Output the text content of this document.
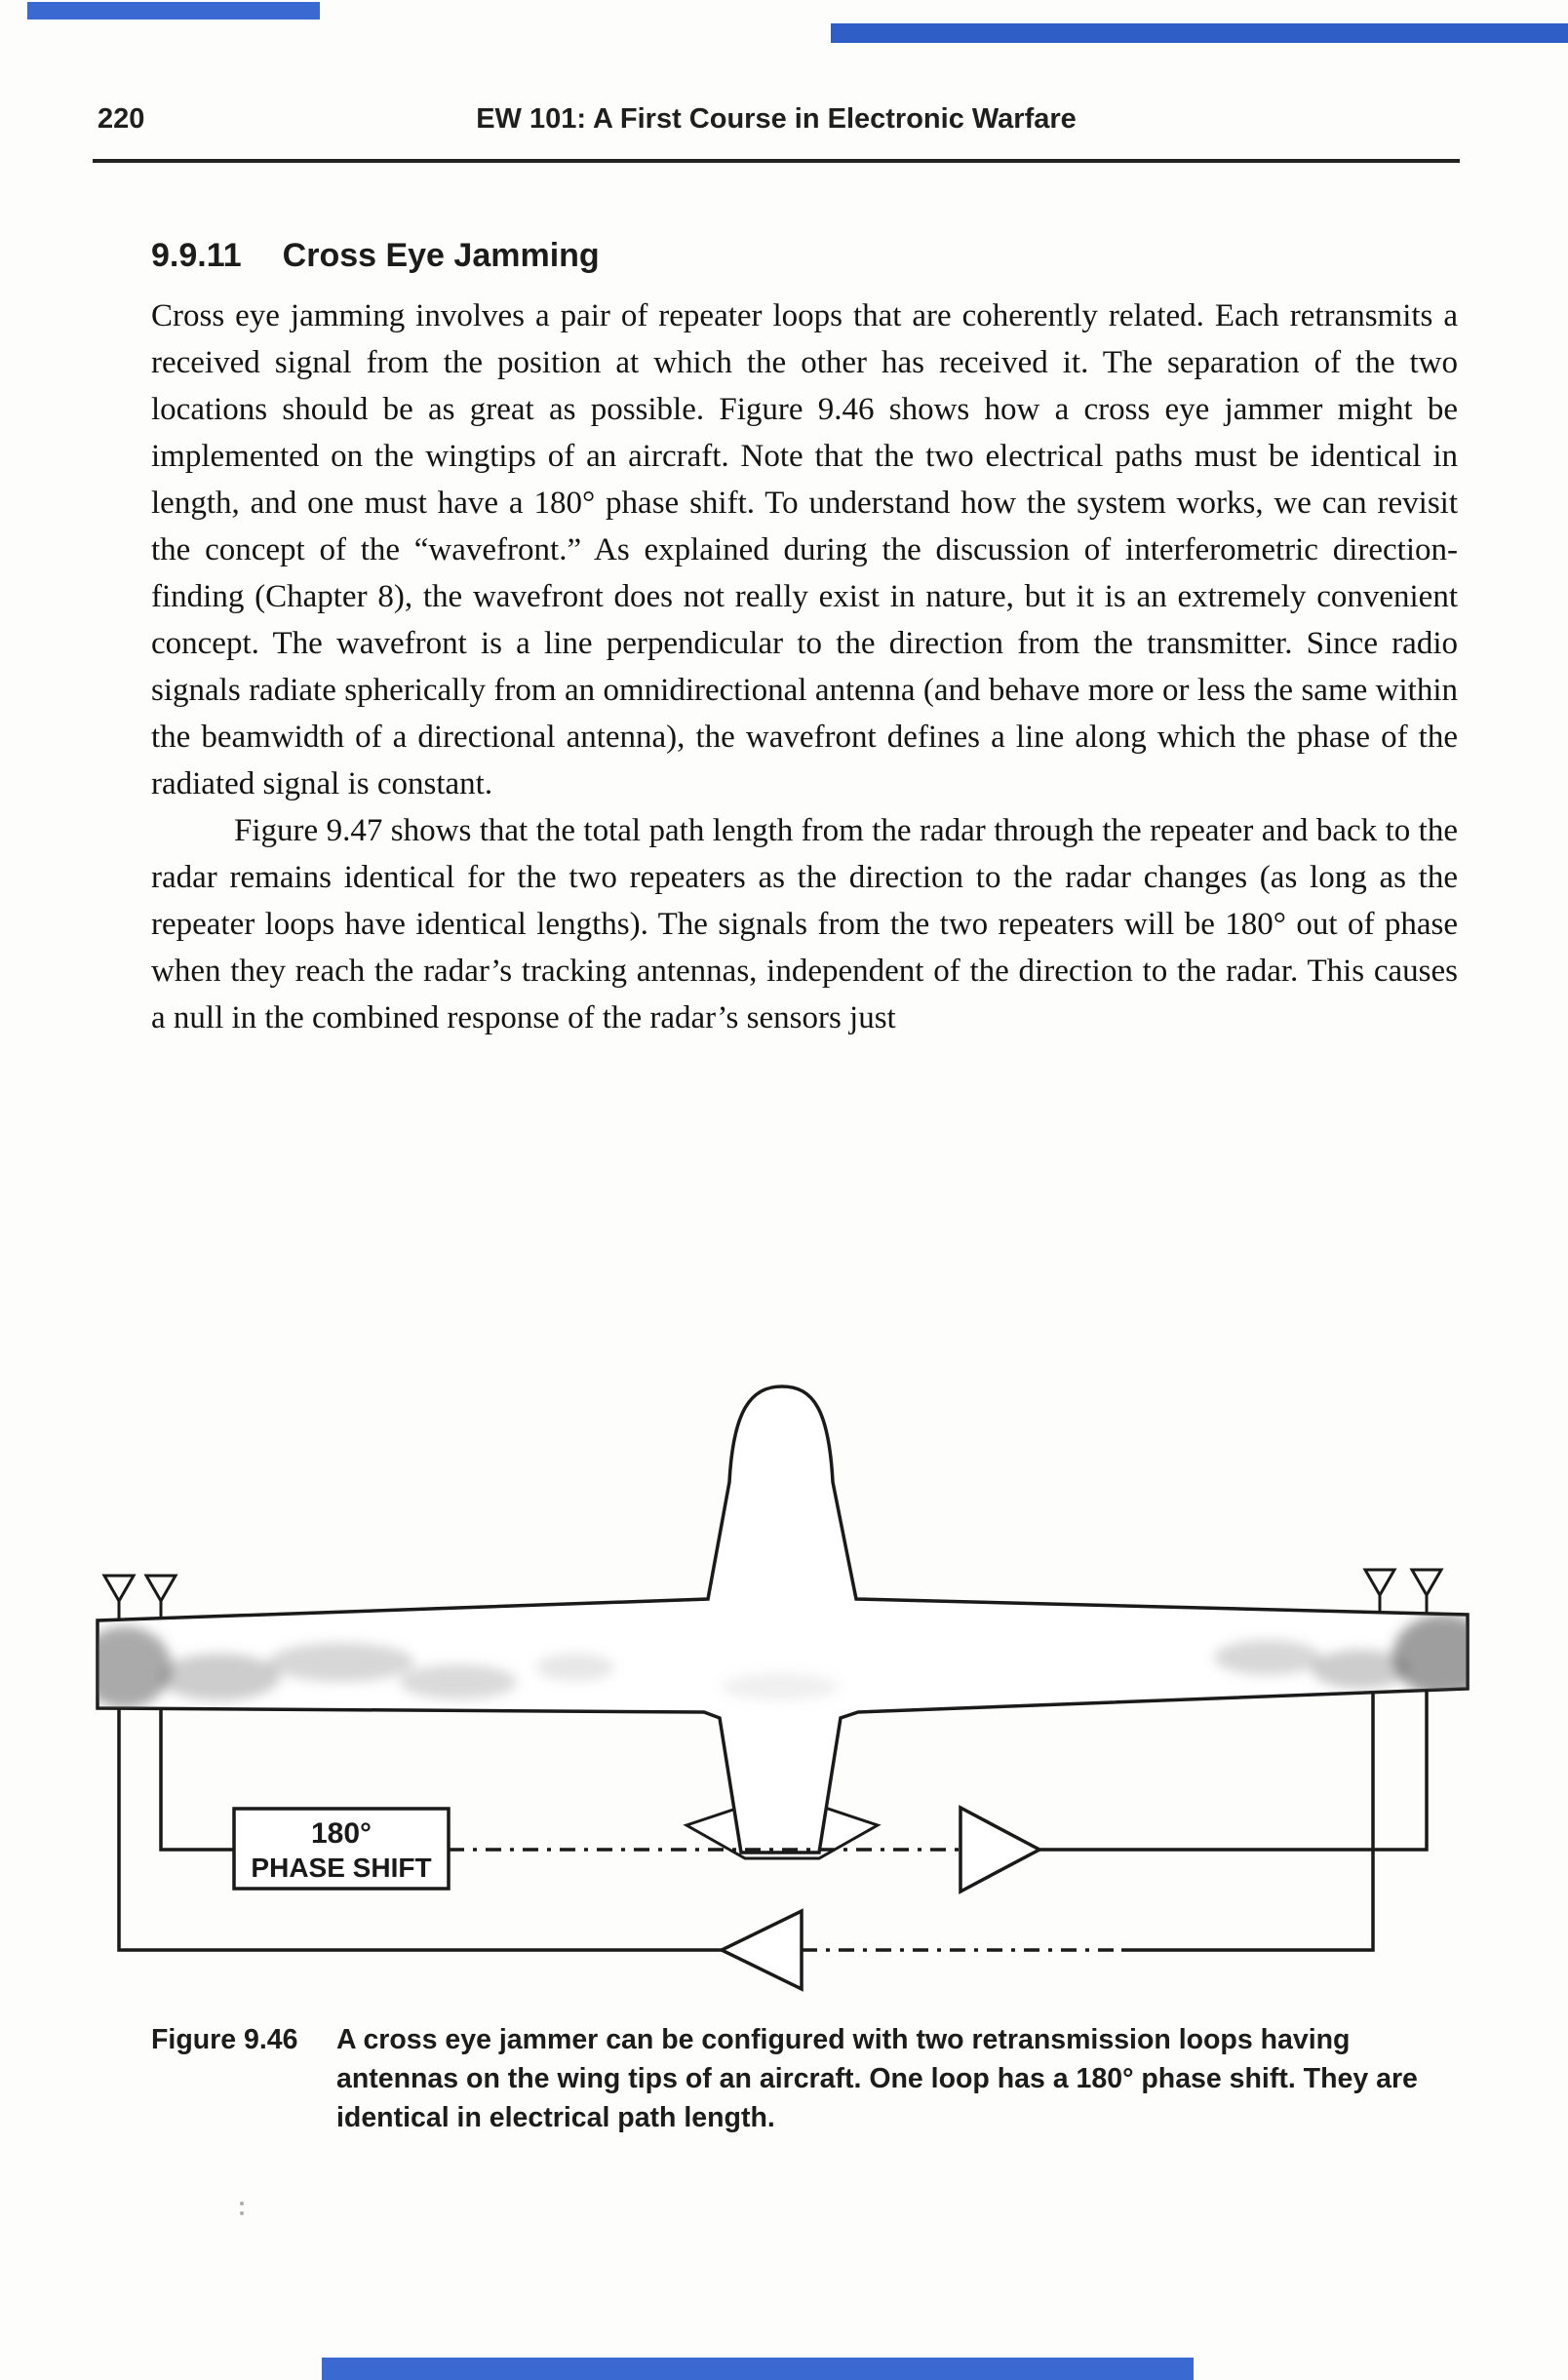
220	EW 101: A First Course in Electronic Warfare
9.9.11 Cross Eye Jamming

Cross eye jamming involves a pair of repeater loops that are coherently related. Each retransmits a received signal from the position at which the other has received it. The separation of the two locations should be as great as possible. Figure 9.46 shows how a cross eye jammer might be implemented on the wingtips of an aircraft. Note that the two electrical paths must be identical in length, and one must have a 180° phase shift. To understand how the system works, we can revisit the concept of the “wavefront.” As explained during the discussion of interferometric direction-finding (Chapter 8), the wavefront does not really exist in nature, but it is an extremely convenient concept. The wavefront is a line perpendicular to the direction from the transmitter. Since radio signals radiate spherically from an omnidirectional antenna (and behave more or less the same within the beamwidth of a directional antenna), the wavefront defines a line along which the phase of the radiated signal is constant.

Figure 9.47 shows that the total path length from the radar through the repeater and back to the radar remains identical for the two repeaters as the direction to the radar changes (as long as the repeater loops have identical lengths). The signals from the two repeaters will be 180° out of phase when they reach the radar’s tracking antennas, independent of the direction to the radar. This causes a null in the combined response of the radar’s sensors just

180°
PHASE SHIFT
Figure 9.46	A cross eye jammer can be configured with two retransmission loops having antennas on the wing tips of an aircraft. One loop has a 180° phase shift. They are identical in electrical path length.
